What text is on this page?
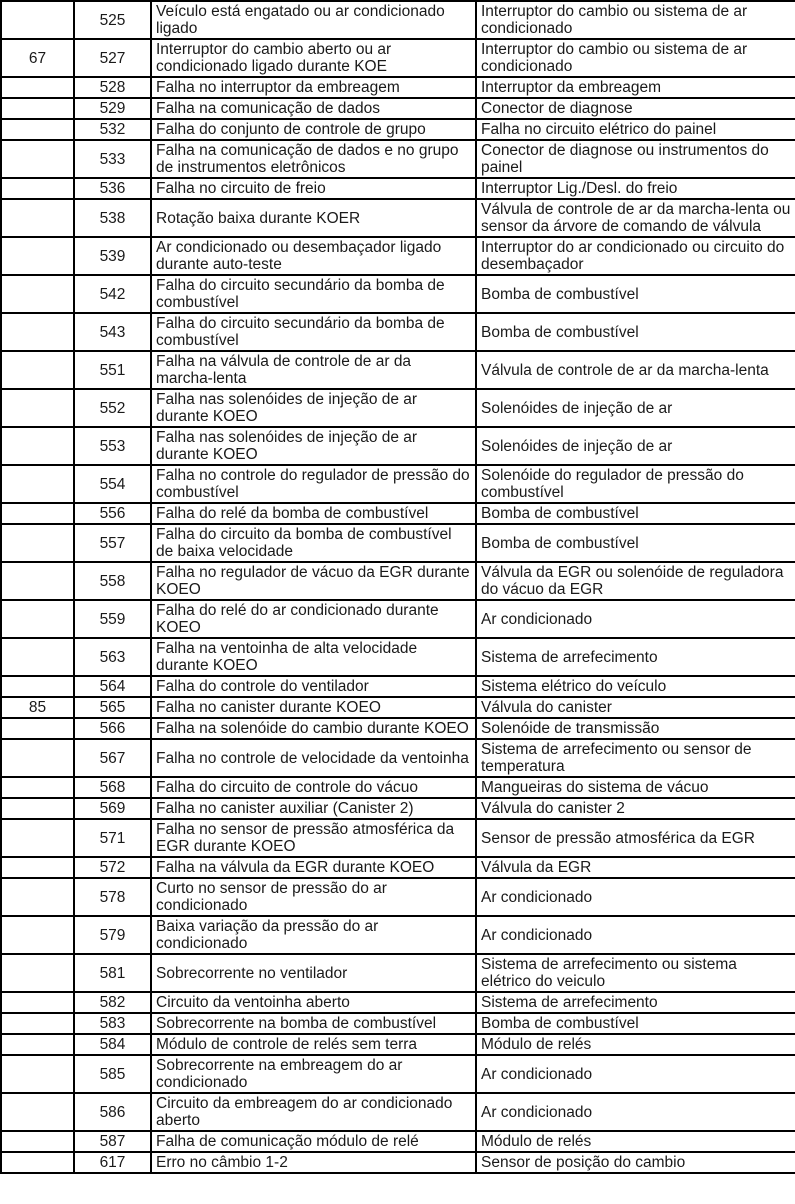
	525	Veículo está engatado ou ar condicionado ligado	Interruptor do cambio ou sistema de ar condicionado
67	527	Interruptor do cambio aberto ou ar condicionado ligado durante KOE	Interruptor do cambio ou sistema de ar condicionado
	528	Falha no interruptor da embreagem	Interruptor da embreagem
	529	Falha na comunicação de dados	Conector de diagnose
	532	Falha do conjunto de controle de grupo	Falha no circuito elétrico do painel
	533	Falha na comunicação de dados e no grupo de instrumentos eletrônicos	Conector de diagnose ou instrumentos do painel
	536	Falha no circuito de freio	Interruptor Lig./Desl. do freio
	538	Rotação baixa durante KOER	Válvula de controle de ar da marcha-lenta ou sensor da árvore de comando de válvula
	539	Ar condicionado ou desembaçador ligado durante auto-teste	Interruptor do ar condicionado ou circuito do desembaçador
	542	Falha do circuito secundário da bomba de combustível	Bomba de combustível
	543	Falha do circuito secundário da bomba de combustível	Bomba de combustível
	551	Falha na válvula de controle de ar da marcha-lenta	Válvula de controle de ar da marcha-lenta
	552	Falha nas solenóides de injeção de ar durante KOEO	Solenóides de injeção de ar
	553	Falha nas solenóides de injeção de ar durante KOEO	Solenóides de injeção de ar
	554	Falha no controle do regulador de pressão do combustível	Solenóide do regulador de pressão do combustível
	556	Falha do relé da bomba de combustível	Bomba de combustível
	557	Falha do circuito da bomba de combustível de baixa velocidade	Bomba de combustível
	558	Falha no regulador de vácuo da EGR durante KOEO	Válvula da EGR ou solenóide de reguladora do vácuo da EGR
	559	Falha do relé do ar condicionado durante KOEO	Ar condicionado
	563	Falha na ventoinha de alta velocidade durante KOEO	Sistema de arrefecimento
	564	Falha do controle do ventilador	Sistema elétrico do veículo
85	565	Falha no canister durante KOEO	Válvula do canister
	566	Falha na solenóide do cambio durante KOEO	Solenóide de transmissão
	567	Falha no controle de velocidade da ventoinha	Sistema de arrefecimento ou sensor de temperatura
	568	Falha do circuito de controle do vácuo	Mangueiras do sistema de vácuo
	569	Falha no canister auxiliar (Canister 2)	Válvula do canister 2
	571	Falha no sensor de pressão atmosférica da EGR durante KOEO	Sensor de pressão atmosférica da EGR
	572	Falha na válvula da EGR durante KOEO	Válvula da EGR
	578	Curto no sensor de pressão do ar condicionado	Ar condicionado
	579	Baixa variação da pressão do ar condicionado	Ar condicionado
	581	Sobrecorrente no ventilador	Sistema de arrefecimento ou sistema elétrico do veiculo
	582	Circuito da ventoinha aberto	Sistema de arrefecimento
	583	Sobrecorrente na bomba de combustível	Bomba de combustível
	584	Módulo de controle de relés sem terra	Módulo de relés
	585	Sobrecorrente na embreagem do ar condicionado	Ar condicionado
	586	Circuito da embreagem do ar condicionado aberto	Ar condicionado
	587	Falha de comunicação módulo de relé	Módulo de relés
	617	Erro no câmbio 1-2	Sensor de posição do cambio
